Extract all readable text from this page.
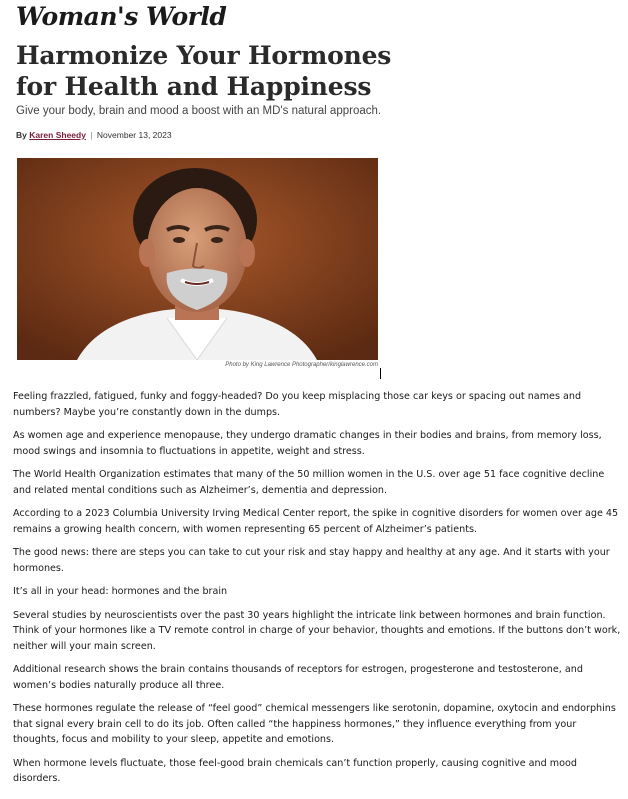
Woman's World
Harmonize Your Hormones for Health and Happiness
Give your body, brain and mood a boost with an MD's natural approach.
By Karen Sheedy | November 13, 2023
Photo by King Lawrence Photographer/kinglawrence.com

Feeling frazzled, fatigued, funky and foggy-headed? Do you keep misplacing those car keys or spacing out names and numbers? Maybe you’re constantly down in the dumps.

As women age and experience menopause, they undergo dramatic changes in their bodies and brains, from memory loss, mood swings and insomnia to fluctuations in appetite, weight and stress.

The World Health Organization estimates that many of the 50 million women in the U.S. over age 51 face cognitive decline and related mental conditions such as Alzheimer’s, dementia and depression.

According to a 2023 Columbia University Irving Medical Center report, the spike in cognitive disorders for women over age 45 remains a growing health concern, with women representing 65 percent of Alzheimer’s patients.

The good news: there are steps you can take to cut your risk and stay happy and healthy at any age. And it starts with your hormones.

It’s all in your head: hormones and the brain

Several studies by neuroscientists over the past 30 years highlight the intricate link between hormones and brain function. Think of your hormones like a TV remote control in charge of your behavior, thoughts and emotions. If the buttons don’t work, neither will your main screen.

Additional research shows the brain contains thousands of receptors for estrogen, progesterone and testosterone, and women’s bodies naturally produce all three.

These hormones regulate the release of “feel good” chemical messengers like serotonin, dopamine, oxytocin and endorphins that signal every brain cell to do its job. Often called “the happiness hormones,” they influence everything from your thoughts, focus and mobility to your sleep, appetite and emotions.

When hormone levels fluctuate, those feel-good brain chemicals can’t function properly, causing cognitive and mood disorders.
